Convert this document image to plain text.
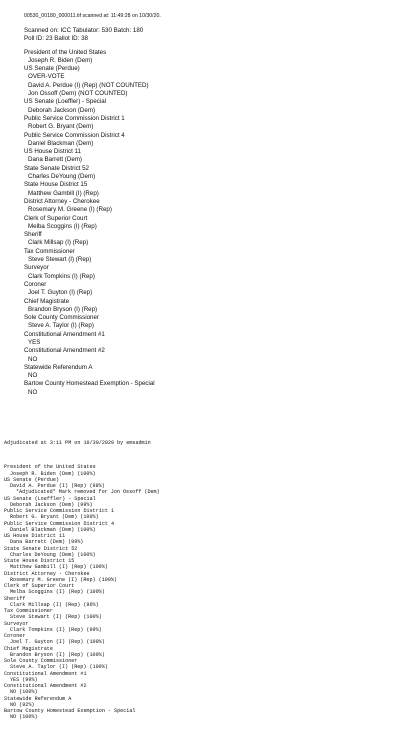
00530_00180_000011.tif scanned at: 11:49:28 on 10/30/20.
Scanned on: ICC Tabulator: 530 Batch: 180
Poll ID: 23 Ballot ID: 38
President of the United States
Joseph R. Biden (Dem)
US Senate (Perdue)
OVER-VOTE
David A. Perdue (I) (Rep) (NOT COUNTED)
Jon Ossoff (Dem) (NOT COUNTED)
US Senate (Loeffler) - Special
Deborah Jackson (Dem)
Public Service Commission District 1
Robert G. Bryant (Dem)
Public Service Commission District 4
Daniel Blackman (Dem)
US House District 11
Dana Barrett (Dem)
State Senate District 52
Charles DeYoung (Dem)
State House District 15
Matthew Gambill (I) (Rep)
District Attorney - Cherokee
Rosemary M. Greene (I) (Rep)
Clerk of Superior Court
Melba Scoggins (I) (Rep)
Sheriff
Clark Millsap (I) (Rep)
Tax Commissioner
Steve Stewart (I) (Rep)
Surveyor
Clark Tompkins (I) (Rep)
Coroner
Joel T. Guyton (I) (Rep)
Chief Magistrate
Brandon Bryson (I) (Rep)
Sole County Commissioner
Steve A. Taylor (I) (Rep)
Constitutional Amendment #1
YES
Constitutional Amendment #2
NO
Statewide Referendum A
NO
Bartow County Homestead Exemption - Special
NO

Adjudicated at 3:11 PM on 10/30/2020 by emsadmin

President of the United States
Joseph R. Biden (Dem) (100%)
US Senate (Perdue)
David A. Perdue (I) (Rep) (98%)
*Adjudicated* Mark removed for Jon Ossoff (Dem)
US Senate (Loeffler) - Special
Deborah Jackson (Dem) (99%)
Public Service Commission District 1
Robert G. Bryant (Dem) (100%)
Public Service Commission District 4
Daniel Blackman (Dem) (100%)
US House District 11
Dana Barrett (Dem) (99%)
State Senate District 52
Charles DeYoung (Dem) (100%)
State House District 15
Matthew Gambill (I) (Rep) (100%)
District Attorney - Cherokee
Rosemary M. Greene (I) (Rep) (100%)
Clerk of Superior Court
Melba Scoggins (I) (Rep) (100%)
Sheriff
Clark Millsap (I) (Rep) (96%)
Tax Commissioner
Steve Stewart (I) (Rep) (100%)
Surveyor
Clark Tompkins (I) (Rep) (99%)
Coroner
Joel T. Guyton (I) (Rep) (100%)
Chief Magistrate
Brandon Bryson (I) (Rep) (100%)
Sole County Commissioner
Steve A. Taylor (I) (Rep) (100%)
Constitutional Amendment #1
YES (99%)
Constitutional Amendment #2
NO (100%)
Statewide Referendum A
NO (92%)
Bartow County Homestead Exemption - Special
NO (100%)
